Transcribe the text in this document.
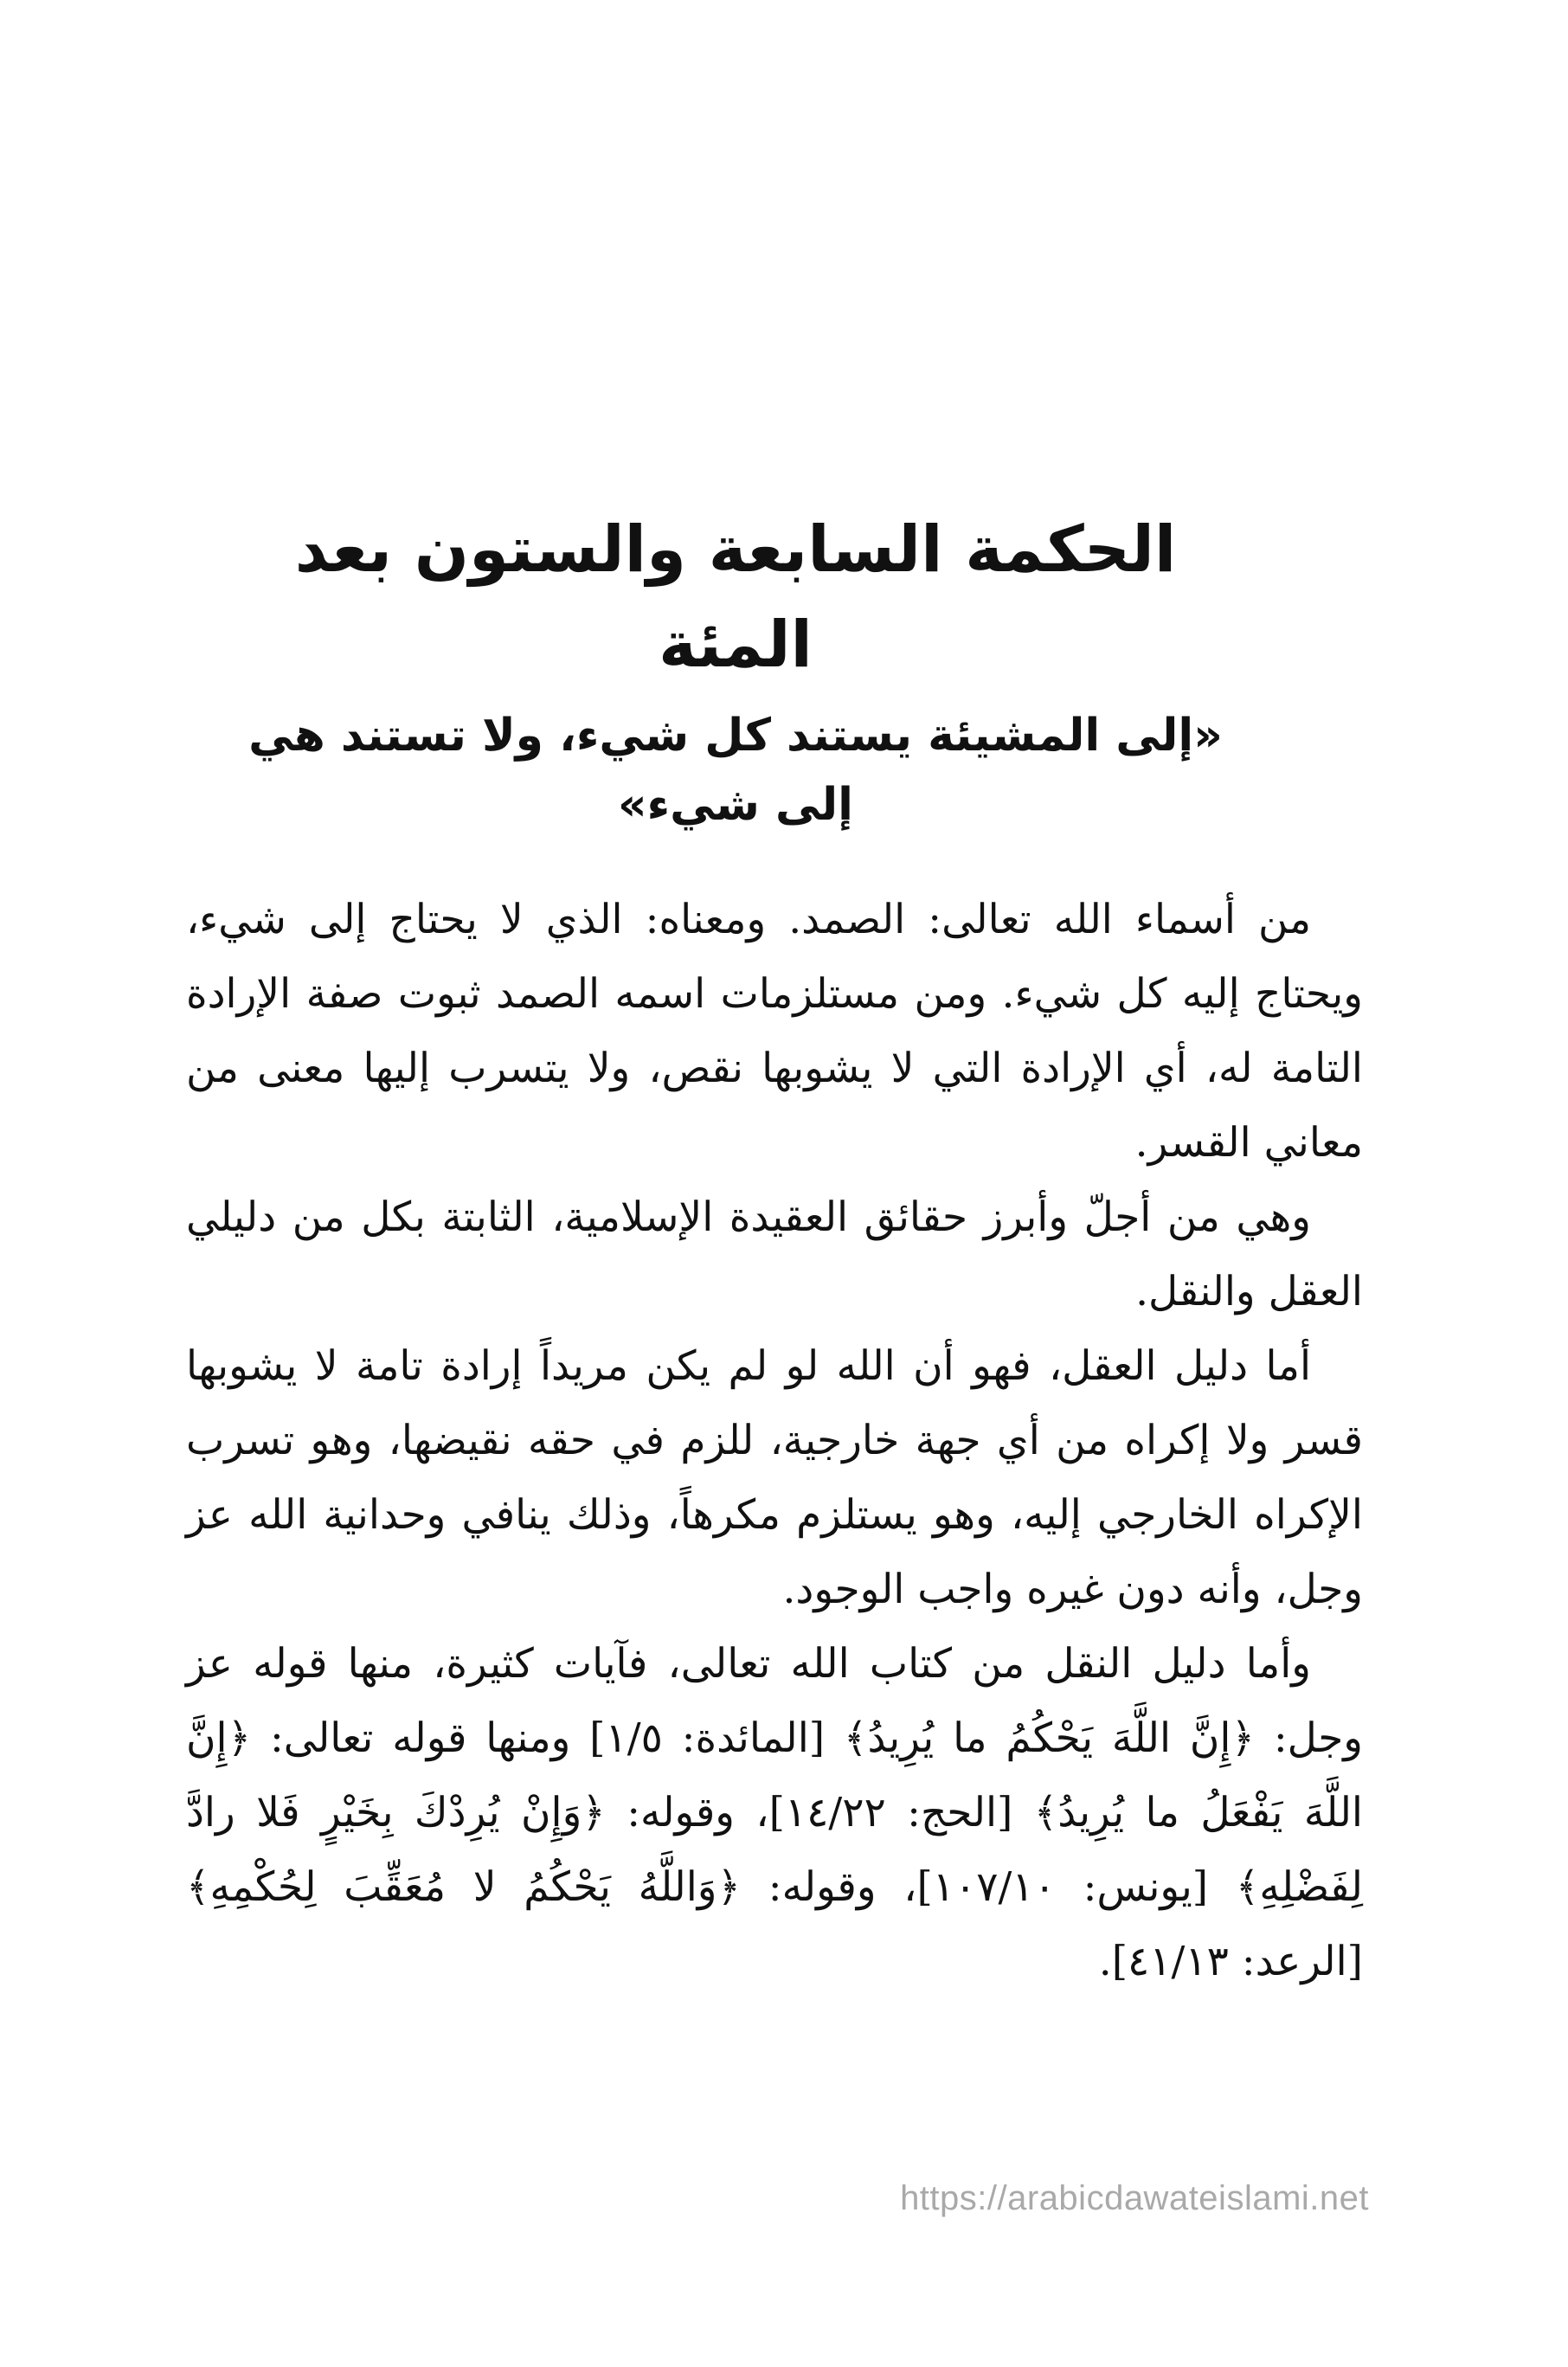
الحكمة السابعة والستون بعد المئة
«إلى المشيئة يستند كل شيء، ولا تستند هي إلى شيء»

من أسماء الله تعالى: الصمد. ومعناه: الذي لا يحتاج إلى شيء، ويحتاج إليه كل شيء. ومن مستلزمات اسمه الصمد ثبوت صفة الإرادة التامة له، أي الإرادة التي لا يشوبها نقص، ولا يتسرب إليها معنى من معاني القسر.

وهي من أجلّ وأبرز حقائق العقيدة الإسلامية، الثابتة بكل من دليلي العقل والنقل.

أما دليل العقل، فهو أن الله لو لم يكن مريداً إرادة تامة لا يشوبها قسر ولا إكراه من أي جهة خارجية، للزم في حقه نقيضها، وهو تسرب الإكراه الخارجي إليه، وهو يستلزم مكرهاً، وذلك ينافي وحدانية الله عز وجل، وأنه دون غيره واجب الوجود.

وأما دليل النقل من كتاب الله تعالى، فآيات كثيرة، منها قوله عز وجل: ﴿إِنَّ اللَّهَ يَحْكُمُ ما يُرِيدُ﴾ [المائدة: ١/٥] ومنها قوله تعالى: ﴿إِنَّ اللَّهَ يَفْعَلُ ما يُرِيدُ﴾ [الحج: ١٤/٢٢]، وقوله: ﴿وَإِنْ يُرِدْكَ بِخَيْرٍ فَلا رادَّ لِفَضْلِهِ﴾ [يونس: ١٠٧/١٠]، وقوله: ﴿وَاللَّهُ يَحْكُمُ لا مُعَقِّبَ لِحُكْمِهِ﴾ [الرعد: ٤١/١٣].

https://arabicdawateislami.net
